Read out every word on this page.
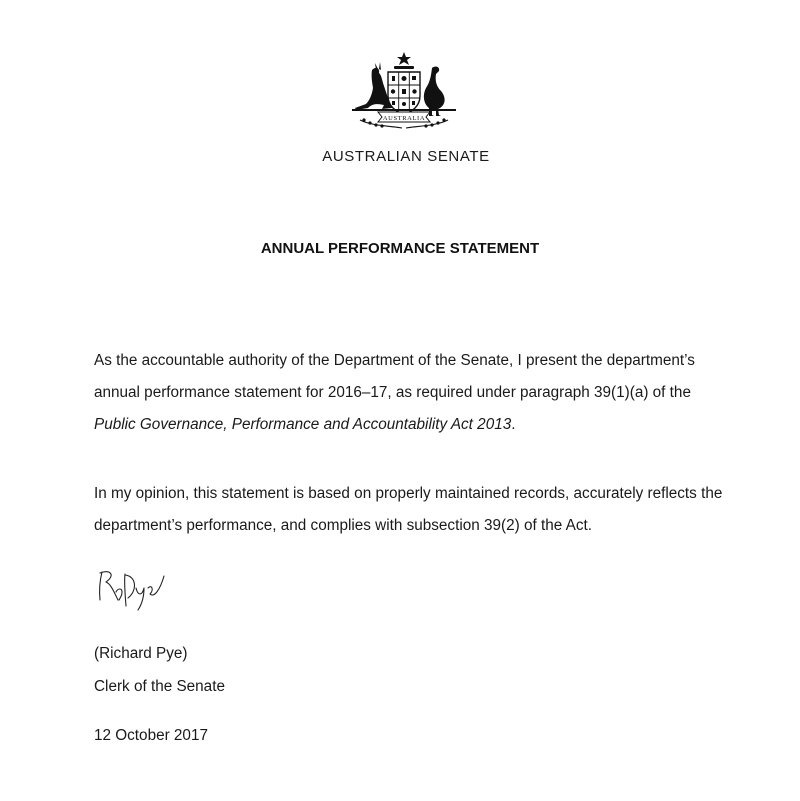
AUSTRALIA
AUSTRALIAN SENATE
ANNUAL PERFORMANCE STATEMENT
As the accountable authority of the Department of the Senate, I present the department’s annual performance statement for 2016–17, as required under paragraph 39(1)(a) of the Public Governance, Performance and Accountability Act 2013.
In my opinion, this statement is based on properly maintained records, accurately reflects the department’s performance, and complies with subsection 39(2) of the Act.
(Richard Pye)
Clerk of the Senate
12 October 2017
